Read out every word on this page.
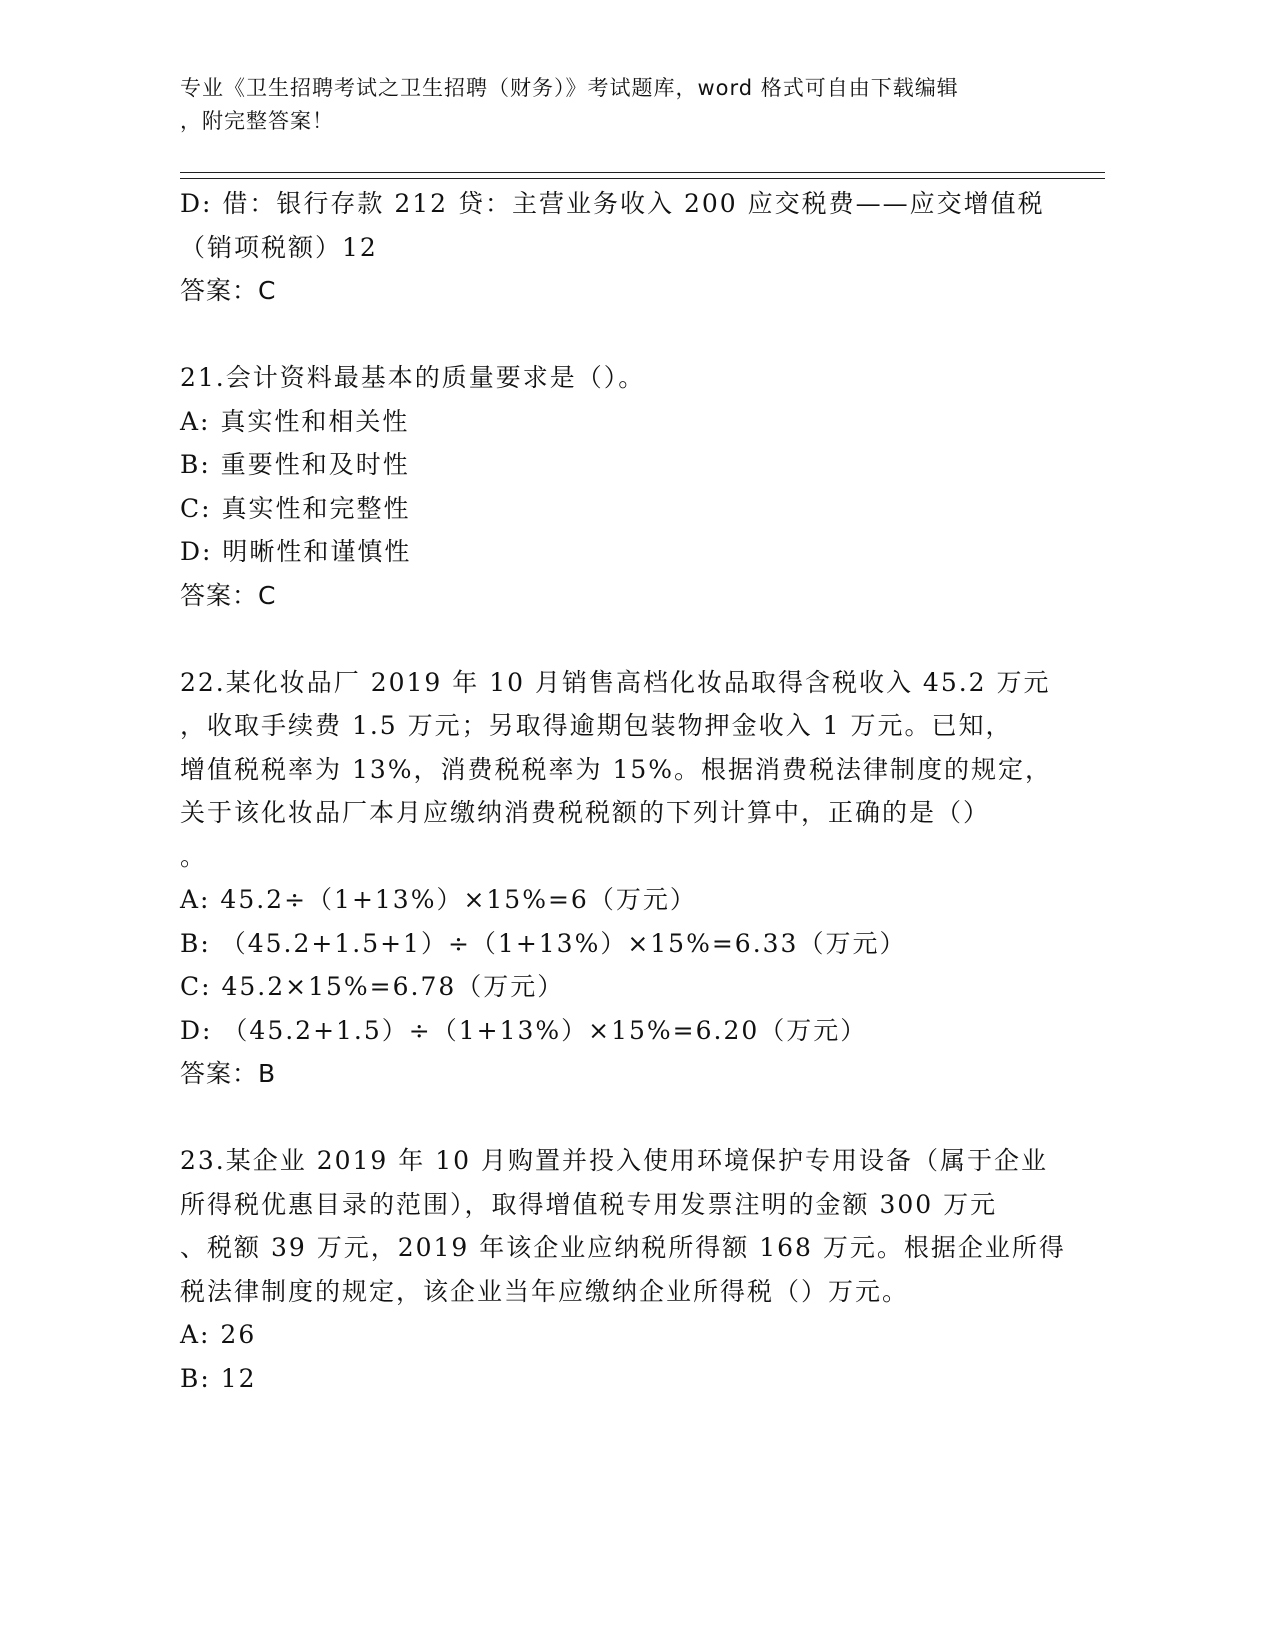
专业《卫生招聘考试之卫生招聘（财务）》考试题库，word 格式可自由下载编辑
，附完整答案！
D: 借：银行存款 212 贷：主营业务收入 200 应交税费——应交增值税
（销项税额）12
答案：C
21.会计资料最基本的质量要求是（）。
A: 真实性和相关性
B: 重要性和及时性
C: 真实性和完整性
D: 明晰性和谨慎性
答案：C
22.某化妆品厂 2019 年 10 月销售高档化妆品取得含税收入 45.2 万元
，收取手续费 1.5 万元；另取得逾期包装物押金收入 1 万元。已知，
增值税税率为 13%，消费税税率为 15%。根据消费税法律制度的规定，
关于该化妆品厂本月应缴纳消费税税额的下列计算中，正确的是（）
。
A: 45.2÷（1+13%）×15%=6（万元）
B: （45.2+1.5+1）÷（1+13%）×15%=6.33（万元）
C: 45.2×15%=6.78（万元）
D: （45.2+1.5）÷（1+13%）×15%=6.20（万元）
答案：B
23.某企业 2019 年 10 月购置并投入使用环境保护专用设备（属于企业
所得税优惠目录的范围），取得增值税专用发票注明的金额 300 万元
、税额 39 万元，2019 年该企业应纳税所得额 168 万元。根据企业所得
税法律制度的规定，该企业当年应缴纳企业所得税（）万元。
A: 26
B: 12
